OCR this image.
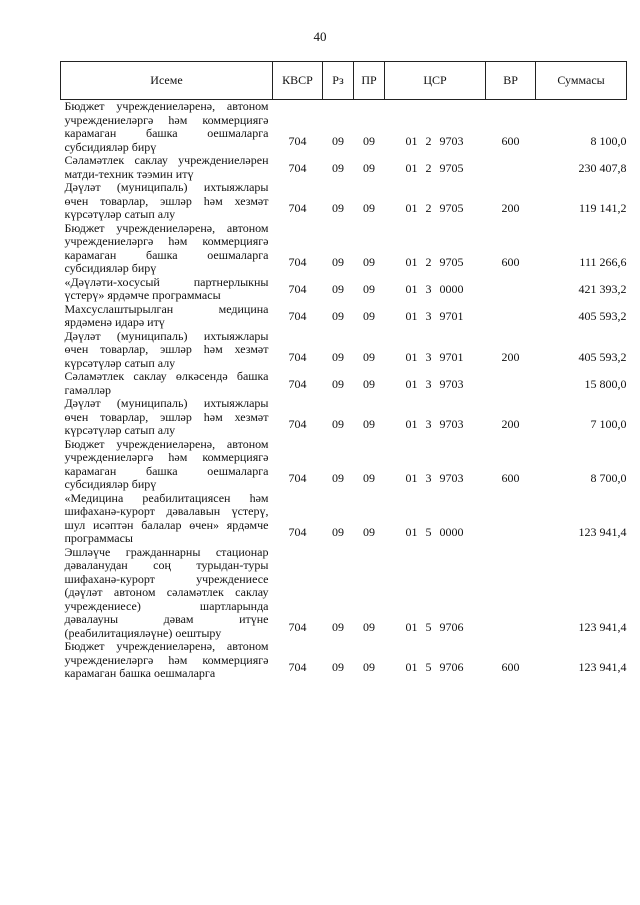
40
Исеме	КВСР	Рз	ПР	ЦСР			ВР	Суммасы
Бюджет учреждениеләренә, автоном учреждениеләргә һәм коммерциягә карамаган башка оешмаларга субсидияләр бирү	704	09	09	01	2	9703	600	8 100,0
Сәламәтлек саклау учреждениеләрен матди-техник тәэмин итү	704	09	09	01	2	9705		230 407,8
Дәүләт (муниципаль) ихтыяжлары өчен товарлар, эшләр һәм хезмәт күрсәтүләр сатып алу	704	09	09	01	2	9705	200	119 141,2
Бюджет учреждениеләренә, автоном учреждениеләргә һәм коммерциягә карамаган башка оешмаларга субсидияләр бирү	704	09	09	01	2	9705	600	111 266,6
«Дәүләти-хосусый партнерлыкны үстерү» ярдәмче программасы	704	09	09	01	3	0000		421 393,2
Махсуслаштырылган медицина ярдәменә идарә итү	704	09	09	01	3	9701		405 593,2
Дәүләт (муниципаль) ихтыяжлары өчен товарлар, эшләр һәм хезмәт күрсәтүләр сатып алу	704	09	09	01	3	9701	200	405 593,2
Сәламәтлек саклау өлкәсендә башка гамәлләр	704	09	09	01	3	9703		15 800,0
Дәүләт (муниципаль) ихтыяжлары өчен товарлар, эшләр һәм хезмәт күрсәтүләр сатып алу	704	09	09	01	3	9703	200	7 100,0
Бюджет учреждениеләренә, автоном учреждениеләргә һәм коммерциягә карамаган башка оешмаларга субсидияләр бирү	704	09	09	01	3	9703	600	8 700,0
«Медицина реабилитациясен һәм шифаханә-курорт дәвалавын үстерү, шул исәптән балалар өчен» ярдәмче программасы	704	09	09	01	5	0000		123 941,4
Эшләүче гражданнарны стационар дәваланудан соң турыдан-туры шифаханә-курорт учреждениесе (дәүләт автоном сәламәтлек саклау учреждениесе) шартларында дәвалауны дәвам итүне (реабилитацияләүне) оештыру	704	09	09	01	5	9706		123 941,4
Бюджет учреждениеләренә, автоном учреждениеләргә һәм коммерциягә карамаган башка оешмаларга	704	09	09	01	5	9706	600	123 941,4
